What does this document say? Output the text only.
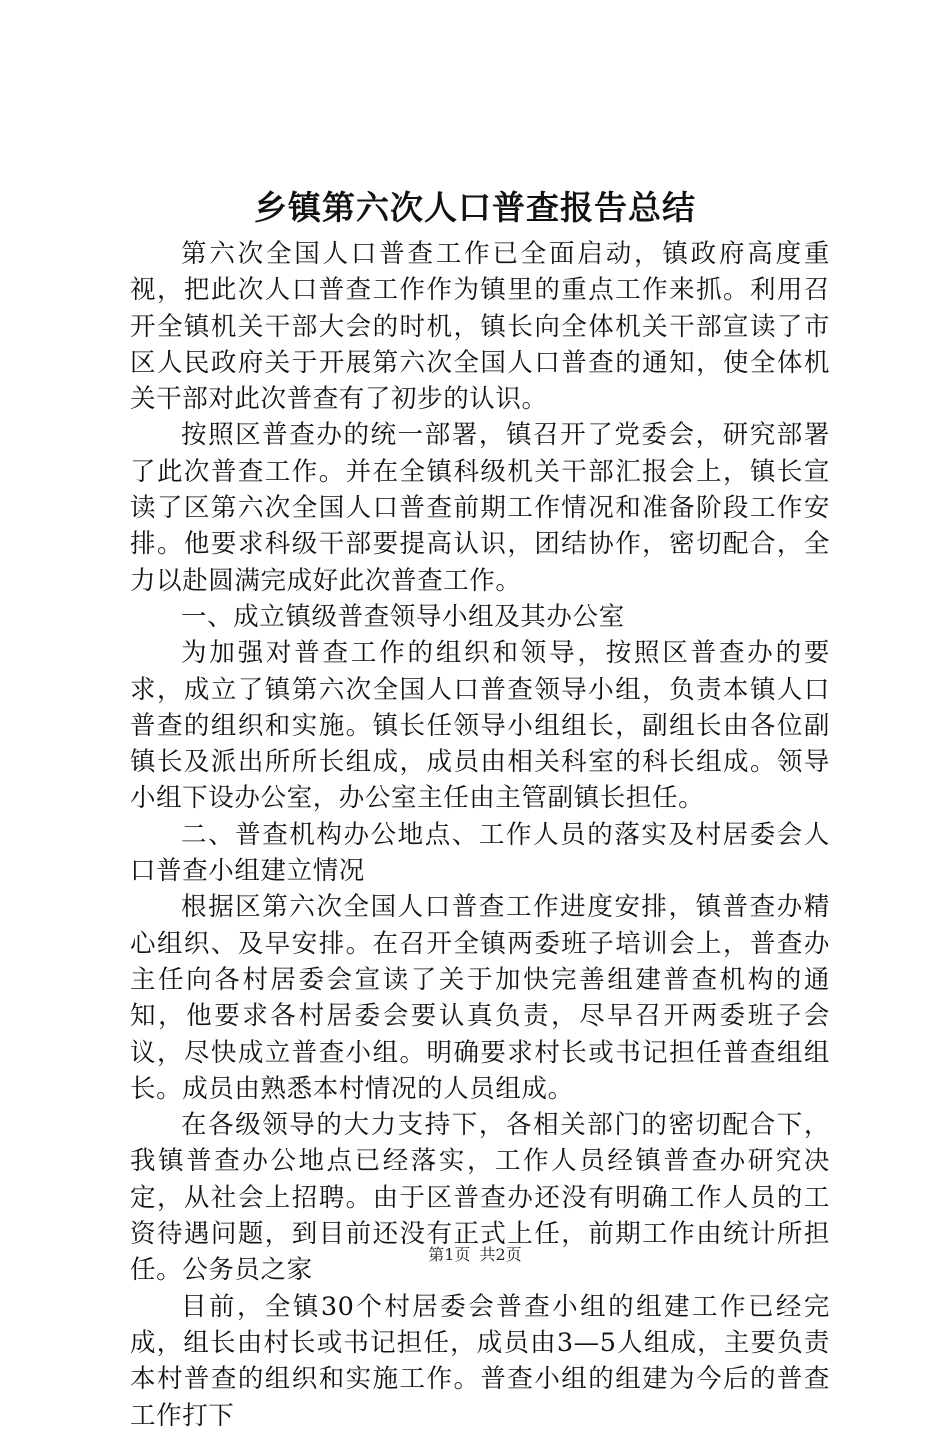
乡镇第六次人口普查报告总结

第六次全国人口普查工作已全面启动，镇政府高度重视，把此次人口普查工作作为镇里的重点工作来抓。利用召开全镇机关干部大会的时机，镇长向全体机关干部宣读了市区人民政府关于开展第六次全国人口普查的通知，使全体机关干部对此次普查有了初步的认识。

按照区普查办的统一部署，镇召开了党委会，研究部署了此次普查工作。并在全镇科级机关干部汇报会上，镇长宣读了区第六次全国人口普查前期工作情况和准备阶段工作安排。他要求科级干部要提高认识，团结协作，密切配合，全力以赴圆满完成好此次普查工作。

一、成立镇级普查领导小组及其办公室

为加强对普查工作的组织和领导，按照区普查办的要求，成立了镇第六次全国人口普查领导小组，负责本镇人口普查的组织和实施。镇长任领导小组组长，副组长由各位副镇长及派出所所长组成，成员由相关科室的科长组成。领导小组下设办公室，办公室主任由主管副镇长担任。

二、普查机构办公地点、工作人员的落实及村居委会人口普查小组建立情况

根据区第六次全国人口普查工作进度安排，镇普查办精心组织、及早安排。在召开全镇两委班子培训会上，普查办主任向各村居委会宣读了关于加快完善组建普查机构的通知，他要求各村居委会要认真负责，尽早召开两委班子会议，尽快成立普查小组。明确要求村长或书记担任普查组组长。成员由熟悉本村情况的人员组成。

在各级领导的大力支持下，各相关部门的密切配合下，我镇普查办公地点已经落实，工作人员经镇普查办研究决定，从社会上招聘。由于区普查办还没有明确工作人员的工资待遇问题，到目前还没有正式上任，前期工作由统计所担任。公务员之家

目前，全镇30个村居委会普查小组的组建工作已经完成，组长由村长或书记担任，成员由3—5人组成，主要负责本村普查的组织和实施工作。普查小组的组建为今后的普查工作打下

第1页 共2页
